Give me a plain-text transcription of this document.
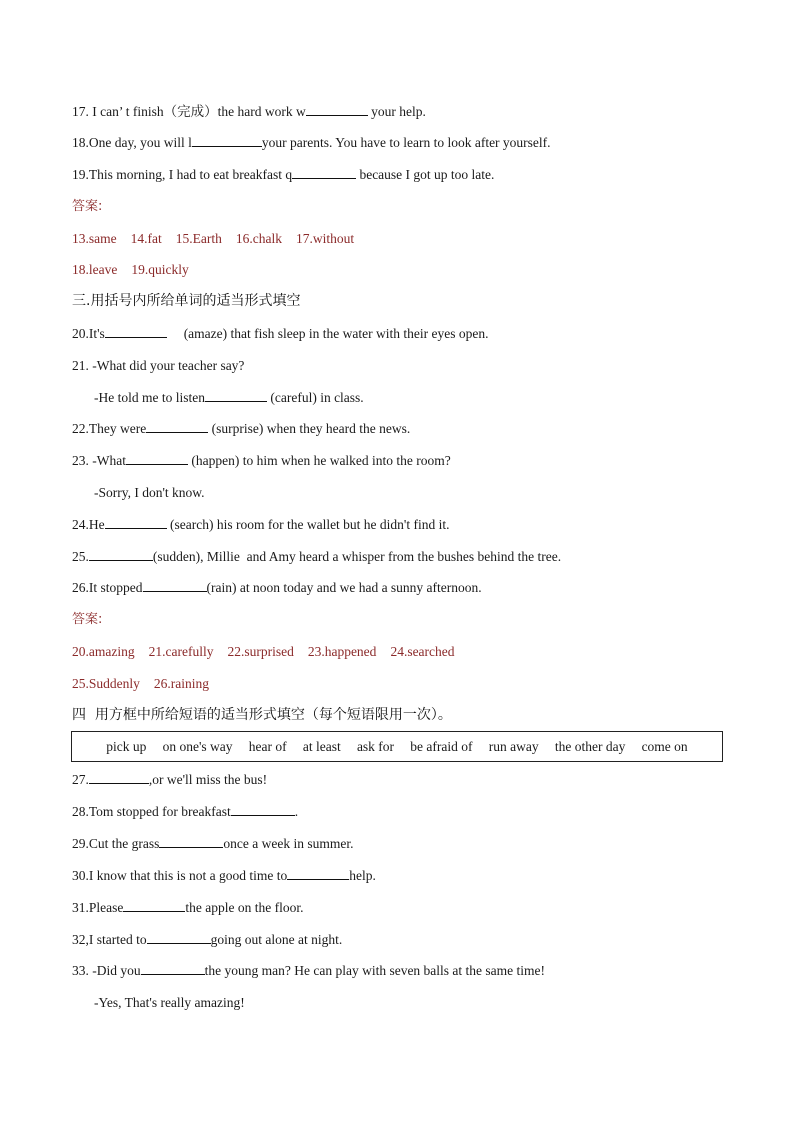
17. I can’ t finish（完成）the hard work w	your help.
18.One day, you will l	your parents. You have to learn to look after yourself.
19.This morning, I had to eat breakfast q	because I got up too late.
答案:
13.same 14.fat 15.Earth 16.chalk 17.without
18.leave 19.quickly
三.用括号内所给单词的适当形式填空
20.It's	(amaze) that fish sleep in the water with their eyes open.
21. -What did your teacher say?
-He told me to listen	(careful) in class.
22.They were	(surprise) when they heard the news.
23. -What	(happen) to him when he walked into the room?
-Sorry, I don't know.
24.He	(search) his room for the wallet but he didn't find it.
25.	(sudden), Millie  and Amy heard a whisper from the bushes behind the tree.
26.It stopped	(rain) at noon today and we had a sunny afternoon.
答案:
20.amazing 21.carefully 22.surprised 23.happened 24.searched
25.Suddenly 26.raining
四  用方框中所给短语的适当形式填空（每个短语限用一次）。
pick up on one's way hear of at least ask for be afraid of run away the other day come on
27.	,or we'll miss the bus!
28.Tom stopped for breakfast	.
29.Cut the grass	once a week in summer.
30.I know that this is not a good time to	help.
31.Please	the apple on the floor.
32,I started to	going out alone at night.
33. -Did you	the young man? He can play with seven balls at the same time!
-Yes, That's really amazing!
